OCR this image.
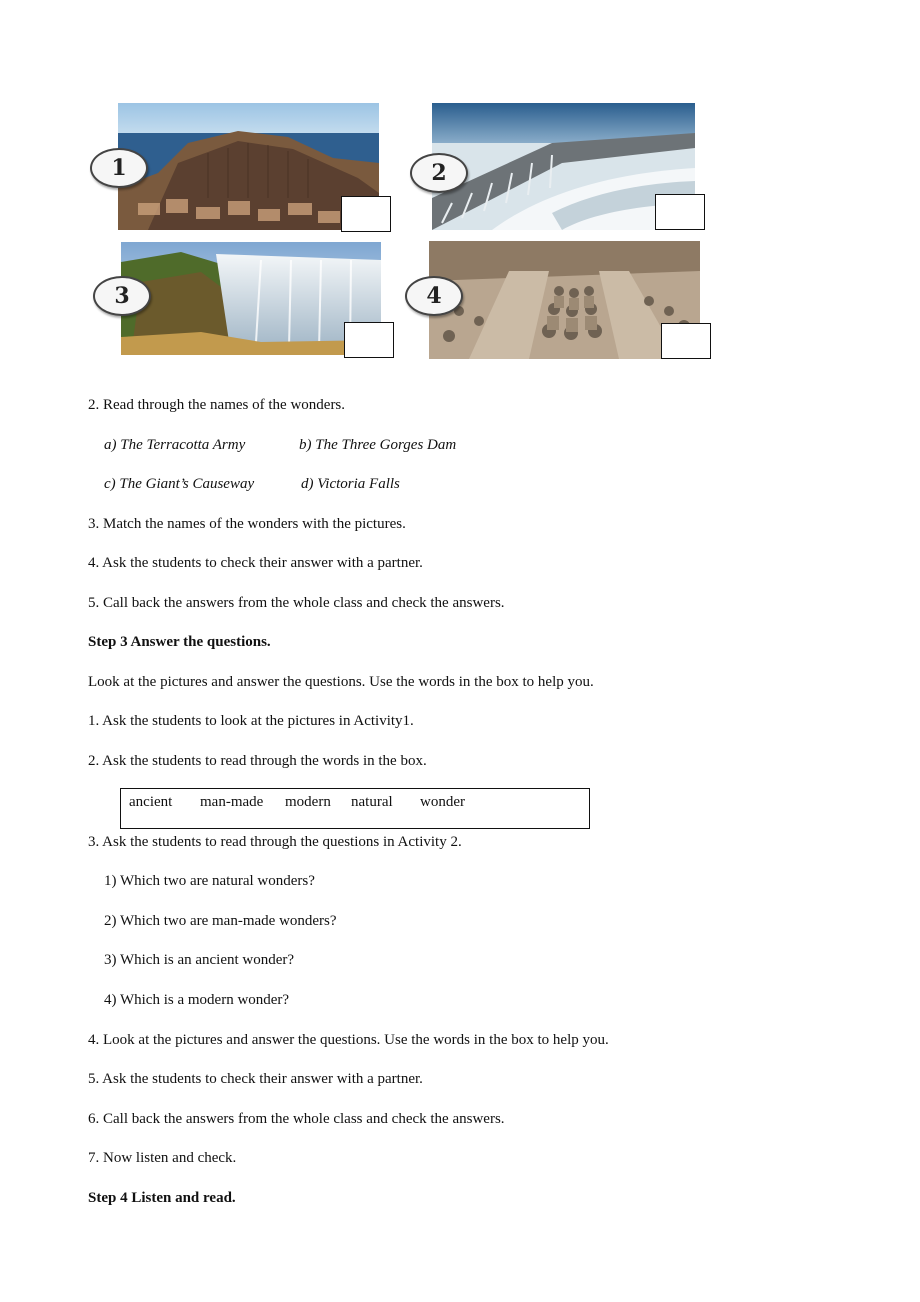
1	2
3	4
2. Read through the names of the wonders.
a) The Terracotta Army	b) The Three Gorges Dam
c) The Giant’s Causeway	d) Victoria Falls
3. Match the names of the wonders with the pictures.
4. Ask the students to check their answer with a partner.
5. Call back the answers from the whole class and check the answers.
Step 3 Answer the questions.
Look at the pictures and answer the questions. Use the words in the box to help you.
1. Ask the students to look at the pictures in Activity1.
2. Ask the students to read through the words in the box.
ancient man-made modern natural wonder
3. Ask the students to read through the questions in Activity 2.
1) Which two are natural wonders?
2) Which two are man-made wonders?
3) Which is an ancient wonder?
4) Which is a modern wonder?
4. Look at the pictures and answer the questions. Use the words in the box to help you.
5. Ask the students to check their answer with a partner.
6. Call back the answers from the whole class and check the answers.
7. Now listen and check.
Step 4 Listen and read.
